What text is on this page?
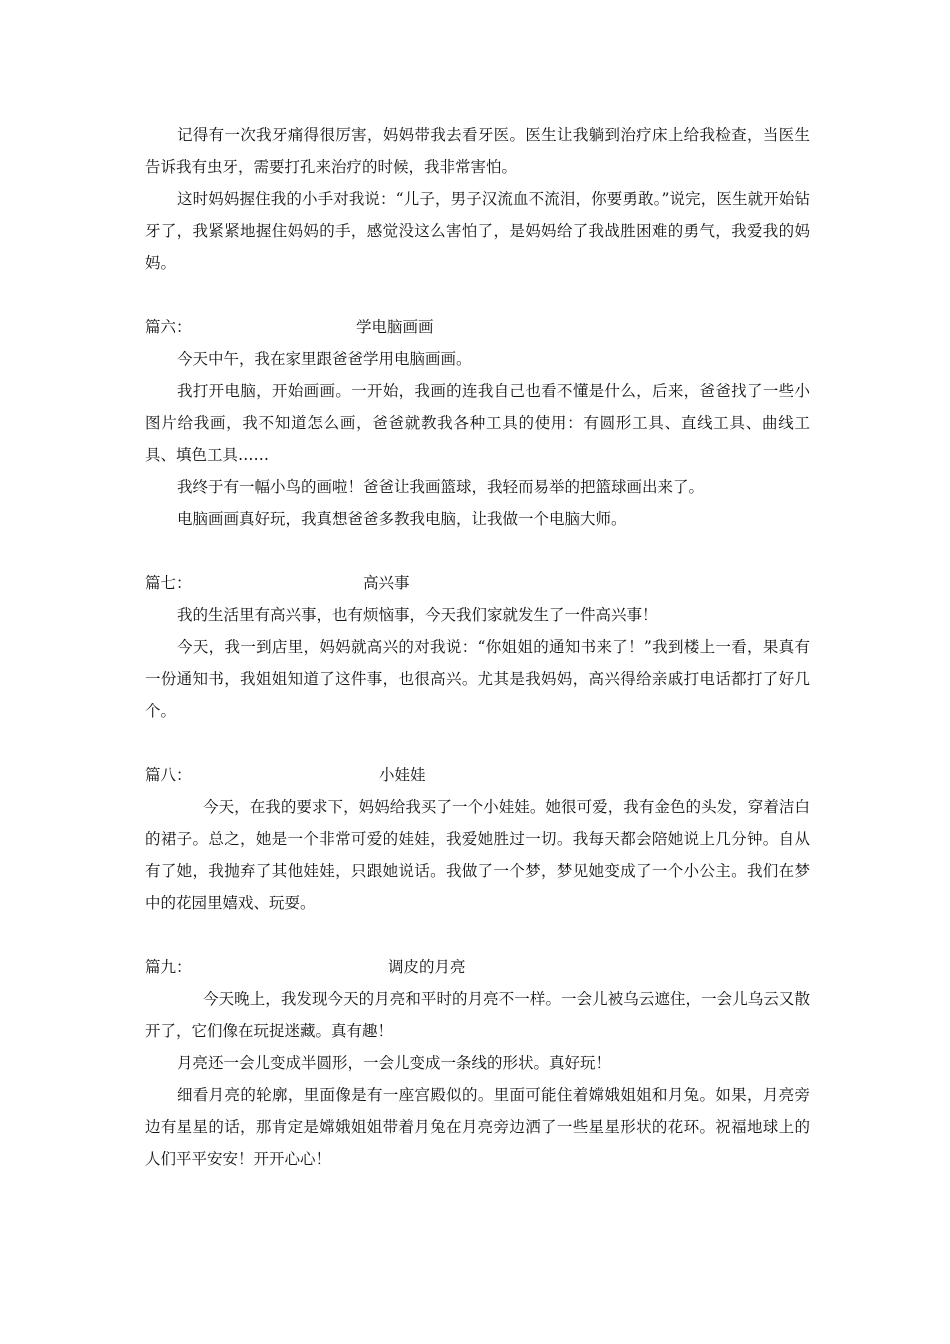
记得有一次我牙痛得很厉害，妈妈带我去看牙医。医生让我躺到治疗床上给我检查，当医生告诉我有虫牙，需要打孔来治疗的时候，我非常害怕。

这时妈妈握住我的小手对我说：“儿子，男子汉流血不流泪，你要勇敢。”说完，医生就开始钻牙了，我紧紧地握住妈妈的手，感觉没这么害怕了，是妈妈给了我战胜困难的勇气，我爱我的妈妈。

篇六：	学电脑画画

今天中午，我在家里跟爸爸学用电脑画画。

我打开电脑，开始画画。一开始，我画的连我自己也看不懂是什么，后来，爸爸找了一些小图片给我画，我不知道怎么画，爸爸就教我各种工具的使用：有圆形工具、直线工具、曲线工具、填色工具……

我终于有一幅小鸟的画啦！爸爸让我画篮球，我轻而易举的把篮球画出来了。

电脑画画真好玩，我真想爸爸多教我电脑，让我做一个电脑大师。

篇七：	高兴事

我的生活里有高兴事，也有烦恼事，今天我们家就发生了一件高兴事！

今天，我一到店里，妈妈就高兴的对我说：“你姐姐的通知书来了！”我到楼上一看，果真有一份通知书，我姐姐知道了这件事，也很高兴。尤其是我妈妈，高兴得给亲戚打电话都打了好几个。

篇八：	小娃娃

今天，在我的要求下，妈妈给我买了一个小娃娃。她很可爱，我有金色的头发，穿着洁白的裙子。总之，她是一个非常可爱的娃娃，我爱她胜过一切。我每天都会陪她说上几分钟。自从有了她，我抛弃了其他娃娃，只跟她说话。我做了一个梦，梦见她变成了一个小公主。我们在梦中的花园里嬉戏、玩耍。

篇九：	调皮的月亮

今天晚上，我发现今天的月亮和平时的月亮不一样。一会儿被乌云遮住，一会儿乌云又散开了，它们像在玩捉迷藏。真有趣！

月亮还一会儿变成半圆形，一会儿变成一条线的形状。真好玩！

细看月亮的轮廓，里面像是有一座宫殿似的。里面可能住着嫦娥姐姐和月兔。如果，月亮旁边有星星的话，那肯定是嫦娥姐姐带着月兔在月亮旁边洒了一些星星形状的花环。祝福地球上的人们平平安安！开开心心！
